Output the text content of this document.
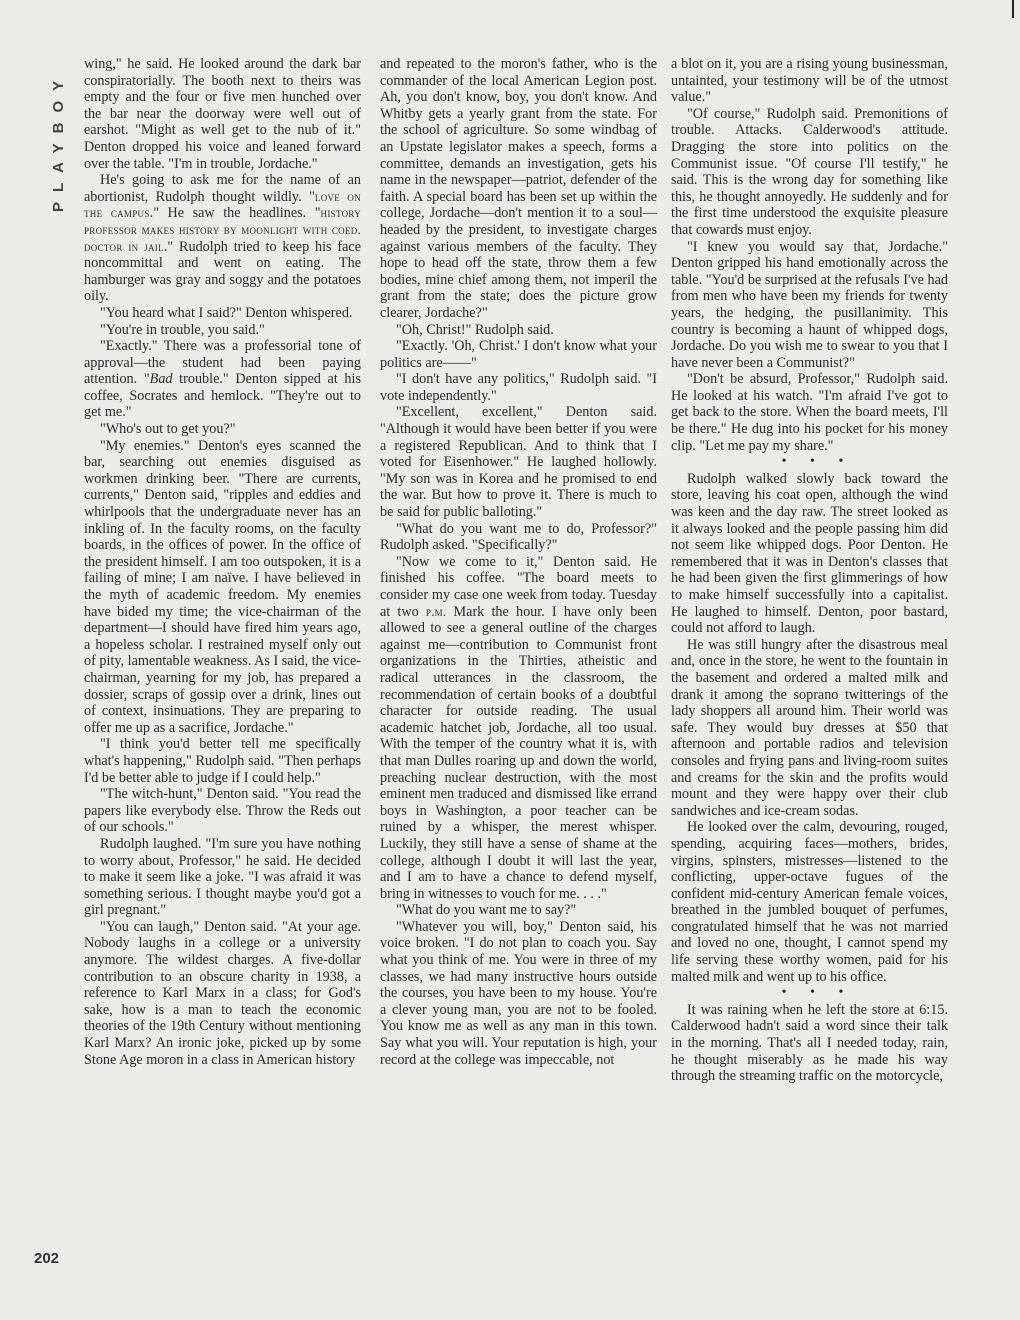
PLAYBOY

wing," he said. He looked around the dark bar conspiratorially. The booth next to theirs was empty and the four or five men hunched over the bar near the doorway were well out of earshot. "Might as well get to the nub of it." Denton dropped his voice and leaned forward over the table. "I'm in trouble, Jordache."

He's going to ask me for the name of an abortionist, Rudolph thought wildly. "love on the campus." He saw the headlines. "history professor makes history by moonlight with coed. doctor in jail." Rudolph tried to keep his face noncommittal and went on eating. The hamburger was gray and soggy and the potatoes oily.

"You heard what I said?" Denton whispered.

"You're in trouble, you said."

"Exactly." There was a professorial tone of approval—the student had been paying attention. "Bad trouble." Denton sipped at his coffee, Socrates and hemlock. "They're out to get me."

"Who's out to get you?"

"My enemies." Denton's eyes scanned the bar, searching out enemies disguised as workmen drinking beer. "There are currents, currents," Denton said, "ripples and eddies and whirlpools that the undergraduate never has an inkling of. In the faculty rooms, on the faculty boards, in the offices of power. In the office of the president himself. I am too outspoken, it is a failing of mine; I am naïve. I have believed in the myth of academic freedom. My enemies have bided my time; the vice-chairman of the department—I should have fired him years ago, a hopeless scholar. I restrained myself only out of pity, lamentable weakness. As I said, the vice-chairman, yearning for my job, has prepared a dossier, scraps of gossip over a drink, lines out of context, insinuations. They are preparing to offer me up as a sacrifice, Jordache."

"I think you'd better tell me specifically what's happening," Rudolph said. "Then perhaps I'd be better able to judge if I could help."

"The witch-hunt," Denton said. "You read the papers like everybody else. Throw the Reds out of our schools."

Rudolph laughed. "I'm sure you have nothing to worry about, Professor," he said. He decided to make it seem like a joke. "I was afraid it was something serious. I thought maybe you'd got a girl pregnant."

"You can laugh," Denton said. "At your age. Nobody laughs in a college or a university anymore. The wildest charges. A five-dollar contribution to an obscure charity in 1938, a reference to Karl Marx in a class; for God's sake, how is a man to teach the economic theories of the 19th Century without mentioning Karl Marx? An ironic joke, picked up by some Stone Age moron in a class in American history

and repeated to the moron's father, who is the commander of the local American Legion post. Ah, you don't know, boy, you don't know. And Whitby gets a yearly grant from the state. For the school of agriculture. So some windbag of an Upstate legislator makes a speech, forms a committee, demands an investigation, gets his name in the newspaper—patriot, defender of the faith. A special board has been set up within the college, Jordache—don't mention it to a soul—headed by the president, to investigate charges against various members of the faculty. They hope to head off the state, throw them a few bodies, mine chief among them, not imperil the grant from the state; does the picture grow clearer, Jordache?"

"Oh, Christ!" Rudolph said.

"Exactly. 'Oh, Christ.' I don't know what your politics are——"

"I don't have any politics," Rudolph said. "I vote independently."

"Excellent, excellent," Denton said. "Although it would have been better if you were a registered Republican. And to think that I voted for Eisenhower." He laughed hollowly. "My son was in Korea and he promised to end the war. But how to prove it. There is much to be said for public balloting."

"What do you want me to do, Professor?" Rudolph asked. "Specifically?"

"Now we come to it," Denton said. He finished his coffee. "The board meets to consider my case one week from today. Tuesday at two p.m. Mark the hour. I have only been allowed to see a general outline of the charges against me—contribution to Communist front organizations in the Thirties, atheistic and radical utterances in the classroom, the recommendation of certain books of a doubtful character for outside reading. The usual academic hatchet job, Jordache, all too usual. With the temper of the country what it is, with that man Dulles roaring up and down the world, preaching nuclear destruction, with the most eminent men traduced and dismissed like errand boys in Washington, a poor teacher can be ruined by a whisper, the merest whisper. Luckily, they still have a sense of shame at the college, although I doubt it will last the year, and I am to have a chance to defend myself, bring in witnesses to vouch for me. . . ."

"What do you want me to say?"

"Whatever you will, boy," Denton said, his voice broken. "I do not plan to coach you. Say what you think of me. You were in three of my classes, we had many instructive hours outside the courses, you have been to my house. You're a clever young man, you are not to be fooled. You know me as well as any man in this town. Say what you will. Your reputation is high, your record at the college was impeccable, not

a blot on it, you are a rising young businessman, untainted, your testimony will be of the utmost value."

"Of course," Rudolph said. Premonitions of trouble. Attacks. Calderwood's attitude. Dragging the store into politics on the Communist issue. "Of course I'll testify," he said. This is the wrong day for something like this, he thought annoyedly. He suddenly and for the first time understood the exquisite pleasure that cowards must enjoy.

"I knew you would say that, Jordache." Denton gripped his hand emotionally across the table. "You'd be surprised at the refusals I've had from men who have been my friends for twenty years, the hedging, the pusillanimity. This country is becoming a haunt of whipped dogs, Jordache. Do you wish me to swear to you that I have never been a Communist?"

"Don't be absurd, Professor," Rudolph said. He looked at his watch. "I'm afraid I've got to get back to the store. When the board meets, I'll be there." He dug into his pocket for his money clip. "Let me pay my share."

• • •

Rudolph walked slowly back toward the store, leaving his coat open, although the wind was keen and the day raw. The street looked as it always looked and the people passing him did not seem like whipped dogs. Poor Denton. He remembered that it was in Denton's classes that he had been given the first glimmerings of how to make himself successfully into a capitalist. He laughed to himself. Denton, poor bastard, could not afford to laugh.

He was still hungry after the disastrous meal and, once in the store, he went to the fountain in the basement and ordered a malted milk and drank it among the soprano twitterings of the lady shoppers all around him. Their world was safe. They would buy dresses at $50 that afternoon and portable radios and television consoles and frying pans and living-room suites and creams for the skin and the profits would mount and they were happy over their club sandwiches and ice-cream sodas.

He looked over the calm, devouring, rouged, spending, acquiring faces—mothers, brides, virgins, spinsters, mistresses—listened to the conflicting, upper-octave fugues of the confident mid-century American female voices, breathed in the jumbled bouquet of perfumes, congratulated himself that he was not married and loved no one, thought, I cannot spend my life serving these worthy women, paid for his malted milk and went up to his office.

• • •

It was raining when he left the store at 6:15. Calderwood hadn't said a word since their talk in the morning. That's all I needed today, rain, he thought miserably as he made his way through the streaming traffic on the motorcycle,

202
